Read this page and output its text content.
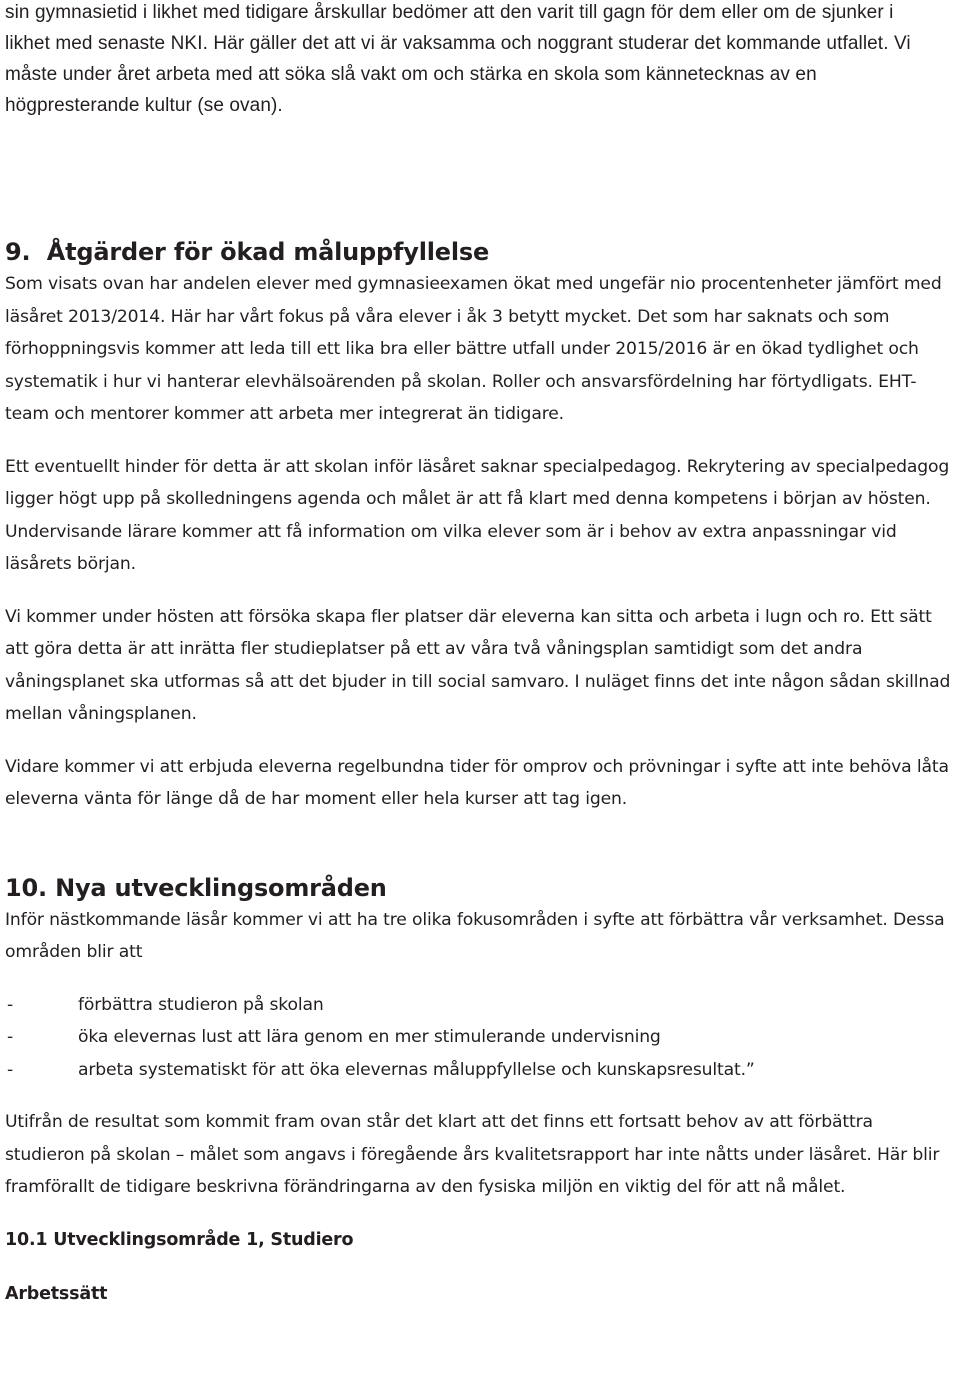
sin gymnasietid i likhet med tidigare årskullar bedömer att den varit till gagn för dem eller om de sjunker i likhet med senaste NKI. Här gäller det att vi är vaksamma och noggrant studerar det kommande utfallet. Vi måste under året arbeta med att söka slå vakt om och stärka en skola som kännetecknas av en högpresterande kultur (se ovan).

9.  Åtgärder för ökad måluppfyllelse

Som visats ovan har andelen elever med gymnasieexamen ökat med ungefär nio procentenheter jämfört med läsåret 2013/2014. Här har vårt fokus på våra elever i åk 3 betytt mycket. Det som har saknats och som förhoppningsvis kommer att leda till ett lika bra eller bättre utfall under 2015/2016 är en ökad tydlighet och systematik i hur vi hanterar elevhälsoärenden på skolan. Roller och ansvarsfördelning har förtydligats. EHT-team och mentorer kommer att arbeta mer integrerat än tidigare.

Ett eventuellt hinder för detta är att skolan inför läsåret saknar specialpedagog. Rekrytering av specialpedagog ligger högt upp på skolledningens agenda och målet är att få klart med denna kompetens i början av hösten. Undervisande lärare kommer att få information om vilka elever som är i behov av extra anpassningar vid läsårets början.

Vi kommer under hösten att försöka skapa fler platser där eleverna kan sitta och arbeta i lugn och ro. Ett sätt att göra detta är att inrätta fler studieplatser på ett av våra två våningsplan samtidigt som det andra våningsplanet ska utformas så att det bjuder in till social samvaro. I nuläget finns det inte någon sådan skillnad mellan våningsplanen.

Vidare kommer vi att erbjuda eleverna regelbundna tider för omprov och prövningar i syfte att inte behöva låta eleverna vänta för länge då de har moment eller hela kurser att tag igen.

10. Nya utvecklingsområden

Inför nästkommande läsår kommer vi att ha tre olika fokusområden i syfte att förbättra vår verksamhet. Dessa områden blir att

-	förbättra studieron på skolan
-	öka elevernas lust att lära genom en mer stimulerande undervisning
-	arbeta systematiskt för att öka elevernas måluppfyllelse och kunskapsresultat.”

Utifrån de resultat som kommit fram ovan står det klart att det finns ett fortsatt behov av att förbättra studieron på skolan – målet som angavs i föregående års kvalitetsrapport har inte nåtts under läsåret. Här blir framförallt de tidigare beskrivna förändringarna av den fysiska miljön en viktig del för att nå målet.

10.1 Utvecklingsområde 1, Studiero
Arbetssätt
